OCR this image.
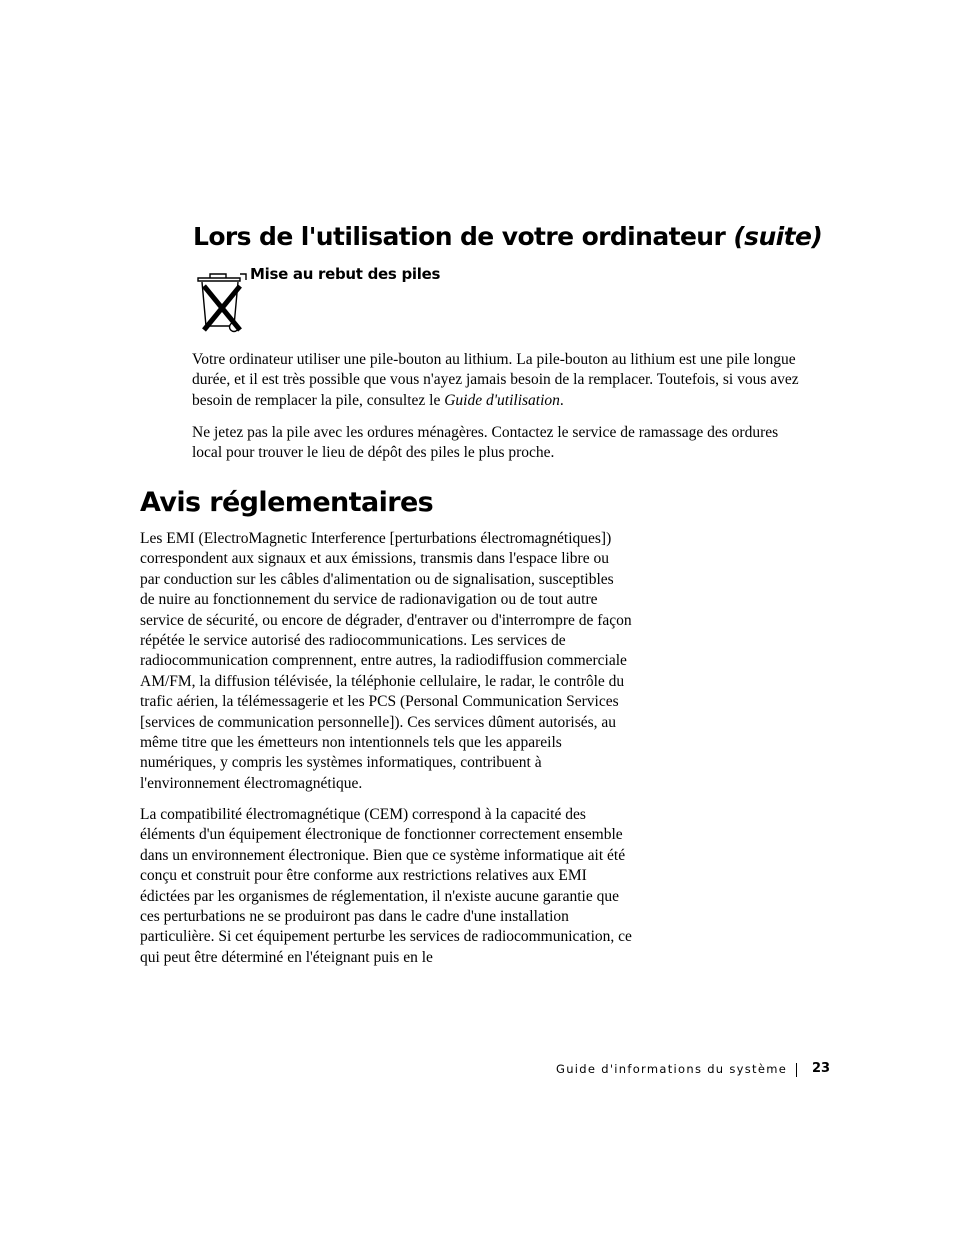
Lors de l'utilisation de votre ordinateur (suite)
Mise au rebut des piles

Votre ordinateur utiliser une pile-bouton au lithium. La pile-bouton au lithium est une pile longue durée, et il est très possible que vous n'ayez jamais besoin de la remplacer. Toutefois, si vous avez besoin de remplacer la pile, consultez le Guide d'utilisation.

Ne jetez pas la pile avec les ordures ménagères. Contactez le service de ramassage des ordures local pour trouver le lieu de dépôt des piles le plus proche.

Avis réglementaires

Les EMI (ElectroMagnetic Interference [perturbations électromagnétiques]) correspondent aux signaux et aux émissions, transmis dans l'espace libre ou par conduction sur les câbles d'alimentation ou de signalisation, susceptibles de nuire au fonctionnement du service de radionavigation ou de tout autre service de sécurité, ou encore de dégrader, d'entraver ou d'interrompre de façon répétée le service autorisé des radiocommunications. Les services de radiocommunication comprennent, entre autres, la radiodiffusion commerciale AM/FM, la diffusion télévisée, la téléphonie cellulaire, le radar, le contrôle du trafic aérien, la télémessagerie et les PCS (Personal Communication Services [services de communication personnelle]). Ces services dûment autorisés, au même titre que les émetteurs non intentionnels tels que les appareils numériques, y compris les systèmes informatiques, contribuent à l'environnement électromagnétique.

La compatibilité électromagnétique (CEM) correspond à la capacité des éléments d'un équipement électronique de fonctionner correctement ensemble dans un environnement électronique. Bien que ce système informatique ait été conçu et construit pour être conforme aux restrictions relatives aux EMI édictées par les organismes de réglementation, il n'existe aucune garantie que ces perturbations ne se produiront pas dans le cadre d'une installation particulière. Si cet équipement perturbe les services de radiocommunication, ce qui peut être déterminé en l'éteignant puis en le

Guide d'informations du système 23
